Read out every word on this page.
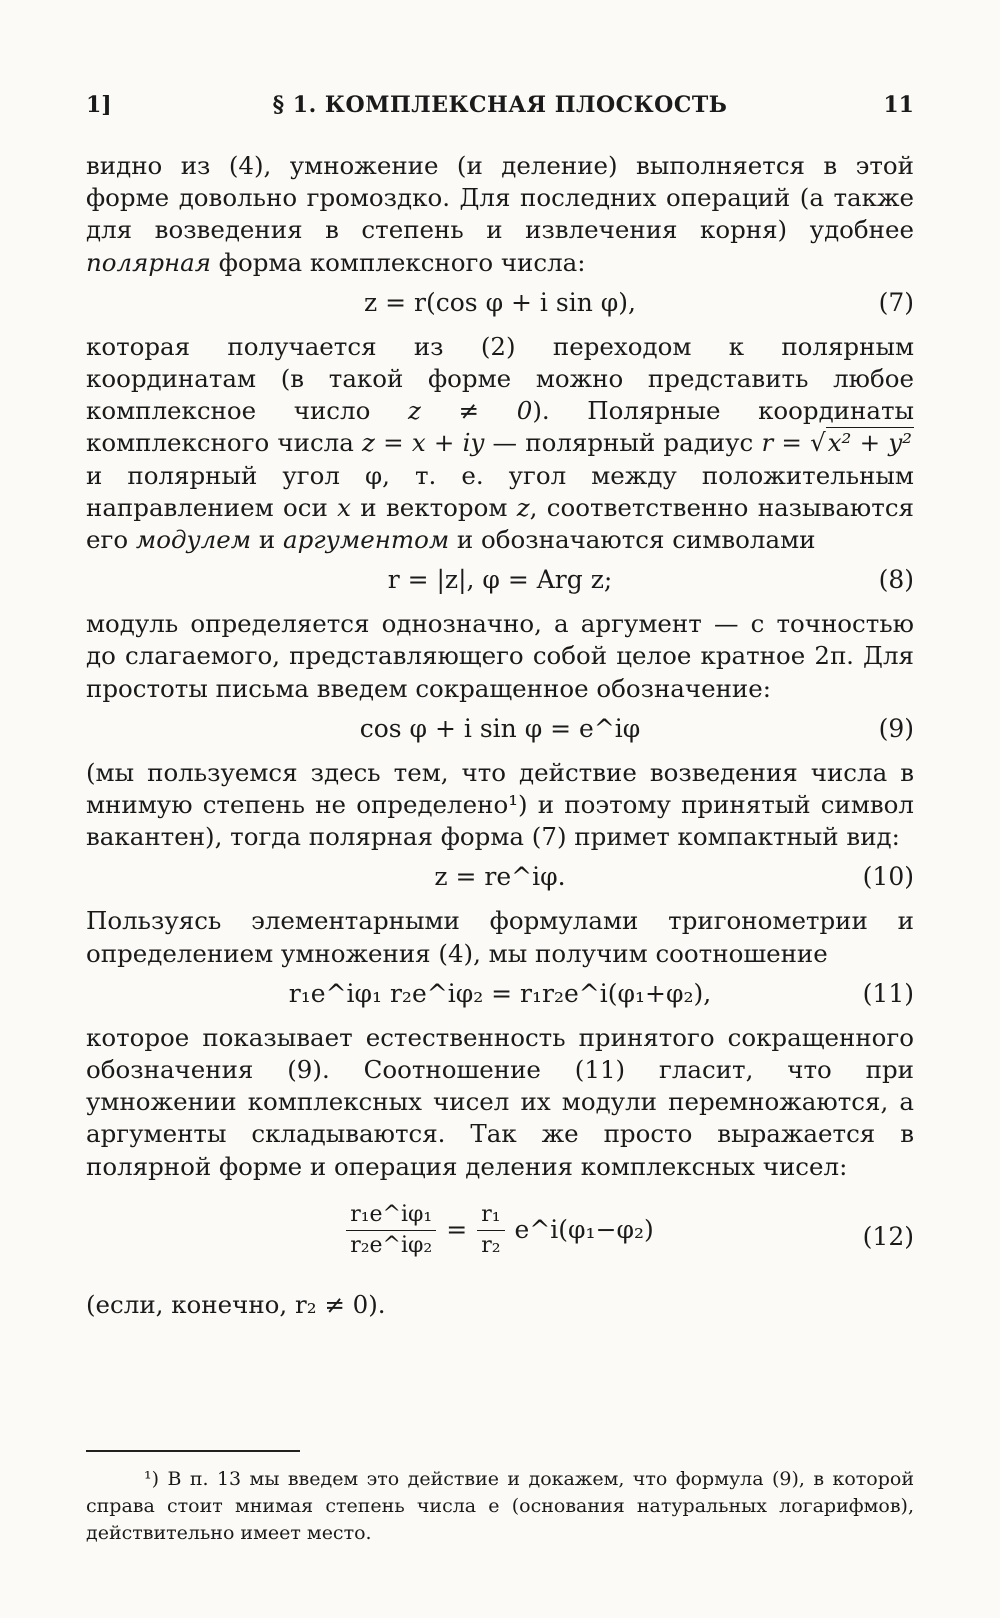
1]	§ 1. КОМПЛЕКСНАЯ ПЛОСКОСТЬ	11

видно из (4), умножение (и деление) выполняется в этой форме довольно громоздко. Для последних операций (а также для возведения в степень и извлечения корня) удобнее полярная форма комплексного числа:

z = r(cos φ + i sin φ),	(7)

которая получается из (2) переходом к полярным координатам (в такой форме можно представить любое комплексное число z ≠ 0). Полярные координаты комплексного числа z = x + iy — полярный радиус r = √x² + y² и полярный угол φ, т. е. угол между положительным направлением оси x и вектором z, соответственно называются его модулем и аргументом и обозначаются символами

r = |z|, φ = Arg z;	(8)

модуль определяется однозначно, а аргумент — с точностью до слагаемого, представляющего собой целое кратное 2π. Для простоты письма введем сокращенное обозначение:

cos φ + i sin φ = e^iφ	(9)

(мы пользуемся здесь тем, что действие возведения числа в мнимую степень не определено¹) и поэтому принятый символ вакантен), тогда полярная форма (7) примет компактный вид:

z = re^iφ.	(10)

Пользуясь элементарными формулами тригонометрии и определением умножения (4), мы получим соотношение

r₁e^iφ₁ r₂e^iφ₂ = r₁r₂e^i(φ₁+φ₂),	(11)

которое показывает естественность принятого сокращенного обозначения (9). Соотношение (11) гласит, что при умножении комплексных чисел их модули перемножаются, а аргументы складываются. Так же просто выражается в полярной форме и операция деления комплексных чисел:

$\frac{\text{r₁e\textasciicircum{}iφ₁}}{\text{r₂e\textasciicircum{}iφ₂}} = \frac{\text{r₁}}{\text{r₂}}$ e^i(φ₁−φ₂)	(12)

(если, конечно, r₂ ≠ 0).

¹) В п. 13 мы введем это действие и докажем, что формула (9), в которой справа стоит мнимая степень числа e (основания натуральных логарифмов), действительно имеет место.
